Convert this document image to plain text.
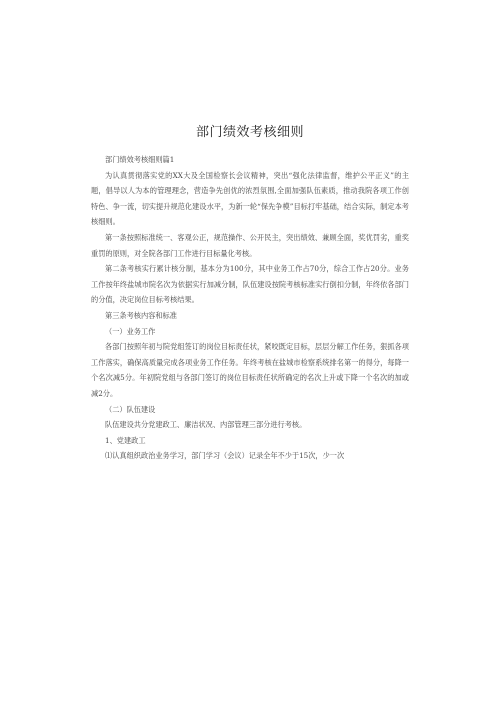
部门绩效考核细则

部门绩效考核细则篇1

为认真贯彻落实党的XX大及全国检察长会议精神，突出“强化法律监督，维护公平正义”的主题，倡导以人为本的管理理念，营造争先创优的浓烈氛围,全面加强队伍素质，推动我院各项工作创特色、争一流，切实提升规范化建设水平，为新一轮“保先争模”目标打牢基础，结合实际，制定本考核细则。

第一条按照标准统一、客观公正，规范操作、公开民主，突出绩效、兼顾全面，奖优罚劣，重奖重罚的原则，对全院各部门工作进行目标量化考核。

第二条考核实行累计核分制，基本分为100分，其中业务工作占70分，综合工作占20分。业务工作按年终盐城市院名次为依据实行加减分制，队伍建设按院考核标准实行倒扣分制，年终依各部门的分值，决定岗位目标考核结果。

第三条考核内容和标准

（一）业务工作

各部门按照年初与院党组签订的岗位目标责任状，紧咬既定目标，层层分解工作任务，狠抓各项工作落实，确保高质量完成各项业务工作任务。年终考核在盐城市检察系统排名第一的得分，每降一个名次减5分。年初院党组与各部门签订的岗位目标责任状所确定的名次上升或下降一个名次的加或减2分。

（二）队伍建设

队伍建设共分党建政工、廉洁状况、内部管理三部分进行考核。

1、党建政工

⑴认真组织政治业务学习，部门学习（会议）记录全年不少于15次，少一次
